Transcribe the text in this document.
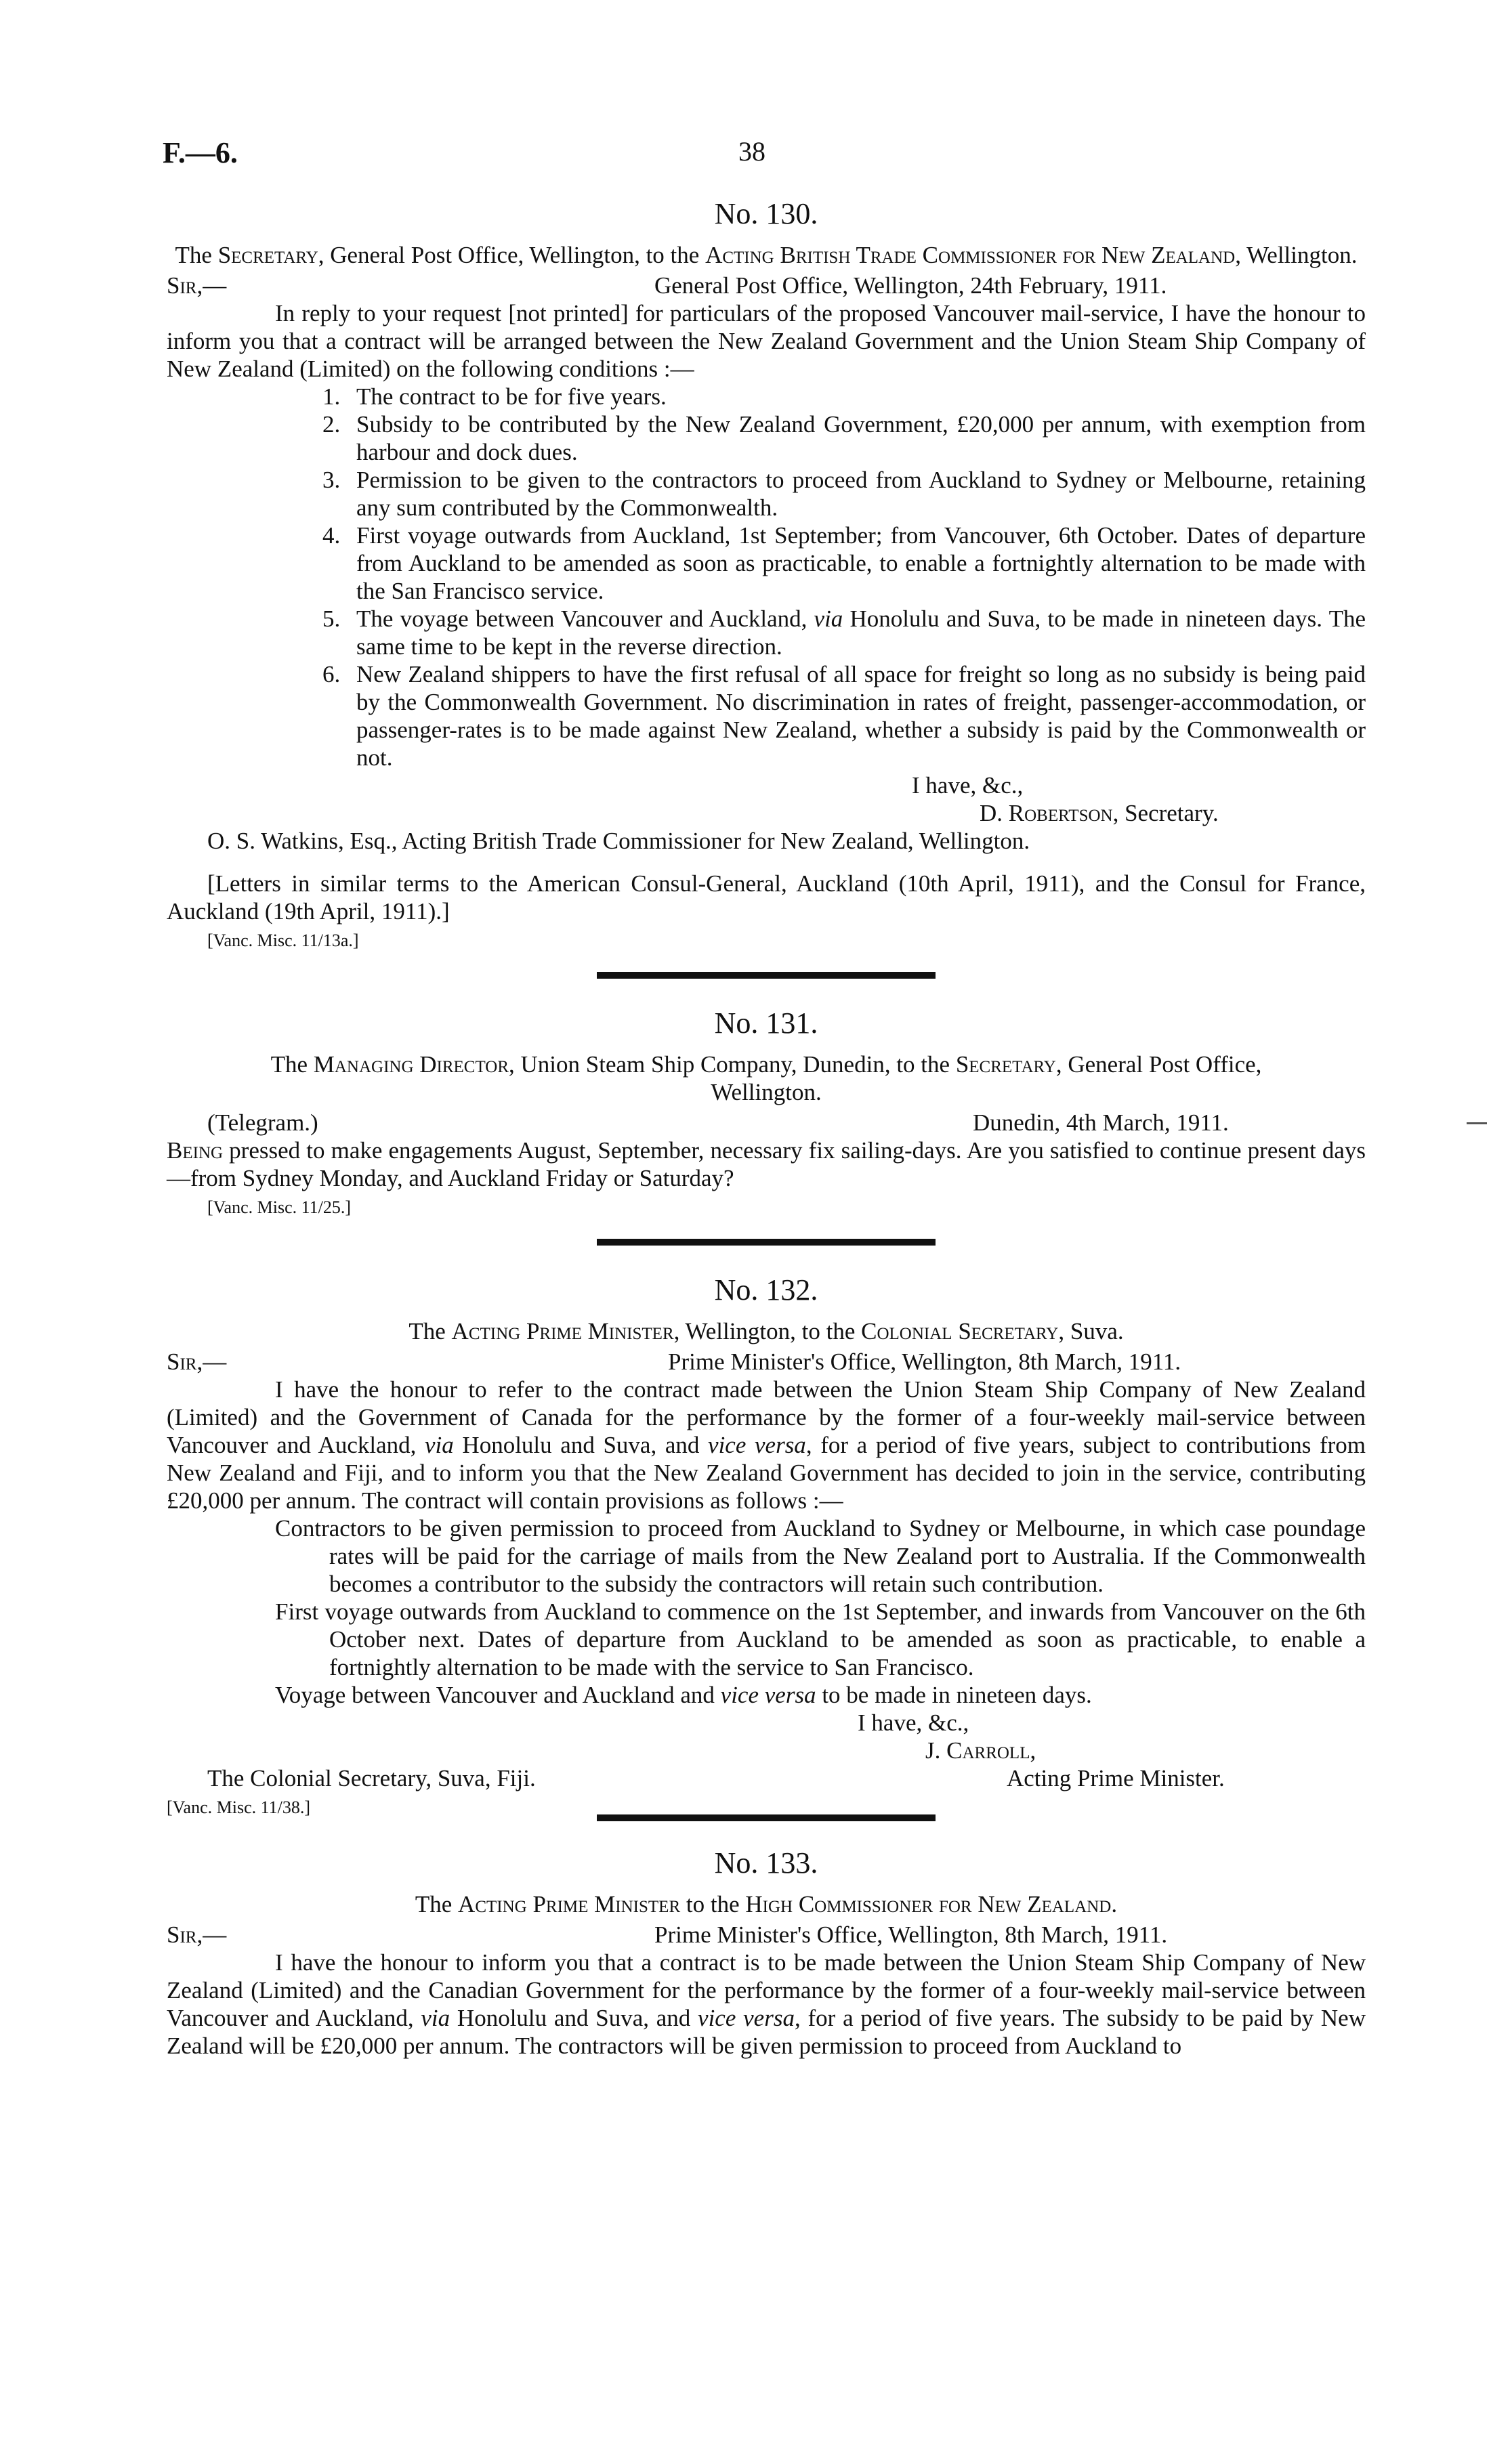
F.—6.	38
No. 130.
The Secretary, General Post Office, Wellington, to the Acting British Trade Commissioner for New Zealand, Wellington.
Sir,—	General Post Office, Wellington, 24th February, 1911.

In reply to your request [not printed] for particulars of the proposed Vancouver mail-service, I have the honour to inform you that a contract will be arranged between the New Zealand Government and the Union Steam Ship Company of New Zealand (Limited) on the following conditions :—

1. The contract to be for five years.
2. Subsidy to be contributed by the New Zealand Government, £20,000 per annum, with exemption from harbour and dock dues.
3. Permission to be given to the contractors to proceed from Auckland to Sydney or Melbourne, retaining any sum contributed by the Commonwealth.
4. First voyage outwards from Auckland, 1st September; from Vancouver, 6th October. Dates of departure from Auckland to be amended as soon as practicable, to enable a fortnightly alternation to be made with the San Francisco service.
5. The voyage between Vancouver and Auckland, via Honolulu and Suva, to be made in nineteen days. The same time to be kept in the reverse direction.
6. New Zealand shippers to have the first refusal of all space for freight so long as no subsidy is being paid by the Commonwealth Government. No discrimination in rates of freight, passenger-accommodation, or passenger-rates is to be made against New Zealand, whether a subsidy is paid by the Commonwealth or not.
I have, &c.,
D. Robertson, Secretary.
O. S. Watkins, Esq., Acting British Trade Commissioner for New Zealand, Wellington.

[Letters in similar terms to the American Consul-General, Auckland (10th April, 1911), and the Consul for France, Auckland (19th April, 1911).]

[Vanc. Misc. 11/13a.]
No. 131.
The Managing Director, Union Steam Ship Company, Dunedin, to the Secretary, General Post Office, Wellington.
(Telegram.)	Dunedin, 4th March, 1911.

Being pressed to make engagements August, September, necessary fix sailing-days. Are you satisfied to continue present days—from Sydney Monday, and Auckland Friday or Saturday?

[Vanc. Misc. 11/25.]
No. 132.
The Acting Prime Minister, Wellington, to the Colonial Secretary, Suva.
Sir,—	Prime Minister's Office, Wellington, 8th March, 1911.

I have the honour to refer to the contract made between the Union Steam Ship Company of New Zealand (Limited) and the Government of Canada for the performance by the former of a four-weekly mail-service between Vancouver and Auckland, via Honolulu and Suva, and vice versa, for a period of five years, subject to contributions from New Zealand and Fiji, and to inform you that the New Zealand Government has decided to join in the service, contributing £20,000 per annum. The contract will contain provisions as follows :—

Contractors to be given permission to proceed from Auckland to Sydney or Melbourne, in which case poundage rates will be paid for the carriage of mails from the New Zealand port to Australia. If the Commonwealth becomes a contributor to the subsidy the contractors will retain such contribution.
First voyage outwards from Auckland to commence on the 1st September, and inwards from Vancouver on the 6th October next. Dates of departure from Auckland to be amended as soon as practicable, to enable a fortnightly alternation to be made with the service to San Francisco.
Voyage between Vancouver and Auckland and vice versa to be made in nineteen days.
I have, &c.,
J. Carroll,
The Colonial Secretary, Suva, Fiji.	Acting Prime Minister.
[Vanc. Misc. 11/38.]
No. 133.
The Acting Prime Minister to the High Commissioner for New Zealand.
Sir,—	Prime Minister's Office, Wellington, 8th March, 1911.

I have the honour to inform you that a contract is to be made between the Union Steam Ship Company of New Zealand (Limited) and the Canadian Government for the performance by the former of a four-weekly mail-service between Vancouver and Auckland, via Honolulu and Suva, and vice versa, for a period of five years. The subsidy to be paid by New Zealand will be £20,000 per annum. The contractors will be given permission to proceed from Auckland to
